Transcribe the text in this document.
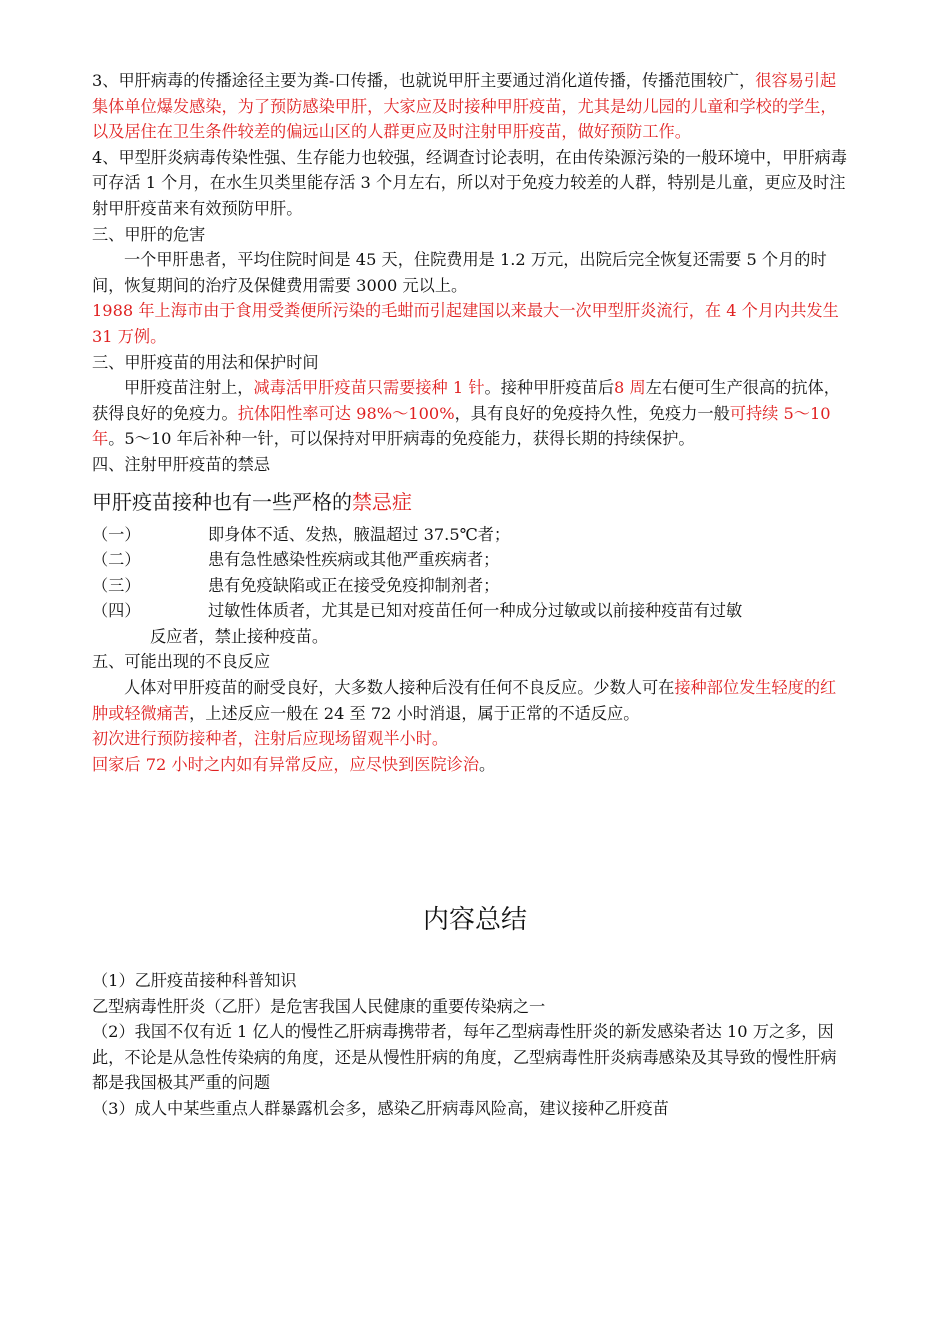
3、甲肝病毒的传播途径主要为粪-口传播，也就说甲肝主要通过消化道传播，传播范围较广，很容易引起集体单位爆发感染，为了预防感染甲肝，大家应及时接种甲肝疫苗，尤其是幼儿园的儿童和学校的学生，以及居住在卫生条件较差的偏远山区的人群更应及时注射甲肝疫苗，做好预防工作。

4、甲型肝炎病毒传染性强、生存能力也较强，经调查讨论表明，在由传染源污染的一般环境中，甲肝病毒可存活 1 个月，在水生贝类里能存活 3 个月左右，所以对于免疫力较差的人群，特别是儿童，更应及时注射甲肝疫苗来有效预防甲肝。

三、甲肝的危害

一个甲肝患者，平均住院时间是 45 天，住院费用是 1.2 万元，出院后完全恢复还需要 5 个月的时间，恢复期间的治疗及保健费用需要 3000 元以上。

1988 年上海市由于食用受粪便所污染的毛蚶而引起建国以来最大一次甲型肝炎流行，在 4 个月内共发生 31 万例。

三、甲肝疫苗的用法和保护时间

甲肝疫苗注射上，减毒活甲肝疫苗只需要接种 1 针。接种甲肝疫苗后8 周左右便可生产很高的抗体，获得良好的免疫力。抗体阳性率可达 98%～100%，具有良好的免疫持久性，免疫力一般可持续 5～10 年。5～10 年后补种一针，可以保持对甲肝病毒的免疫能力，获得长期的持续保护。

四、注射甲肝疫苗的禁忌

甲肝疫苗接种也有一些严格的禁忌症

（一）	即身体不适、发热，腋温超过 37.5℃者；
（二）	患有急性感染性疾病或其他严重疾病者；
（三）	患有免疫缺陷或正在接受免疫抑制剂者；
（四）	过敏性体质者，尤其是已知对疫苗任何一种成分过敏或以前接种疫苗有过敏

反应者，禁止接种疫苗。

五、可能出现的不良反应

人体对甲肝疫苗的耐受良好，大多数人接种后没有任何不良反应。少数人可在接种部位发生轻度的红肿或轻微痛苦，上述反应一般在 24 至 72 小时消退，属于正常的不适反应。

初次进行预防接种者，注射后应现场留观半小时。

回家后 72 小时之内如有异常反应，应尽快到医院诊治。

内容总结

（1）乙肝疫苗接种科普知识

乙型病毒性肝炎（乙肝）是危害我国人民健康的重要传染病之一

（2）我国不仅有近 1 亿人的慢性乙肝病毒携带者，每年乙型病毒性肝炎的新发感染者达 10 万之多，因此，不论是从急性传染病的角度，还是从慢性肝病的角度，乙型病毒性肝炎病毒感染及其导致的慢性肝病都是我国极其严重的问题

（3）成人中某些重点人群暴露机会多，感染乙肝病毒风险高，建议接种乙肝疫苗
